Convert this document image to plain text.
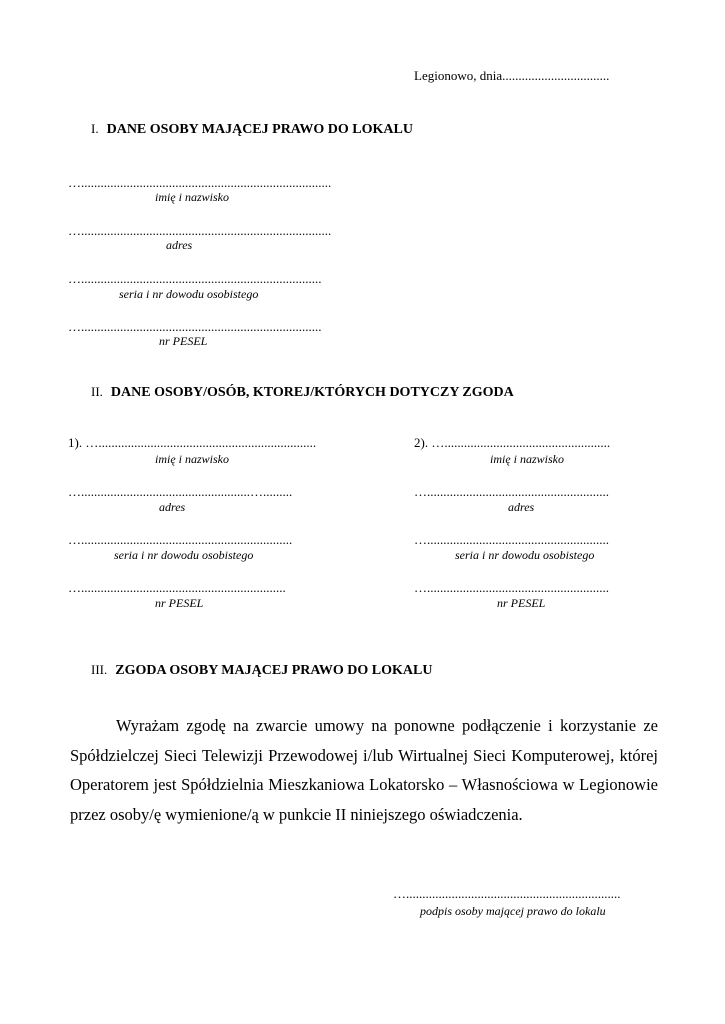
Legionowo, dnia.................................
I. DANE OSOBY MAJĄCEJ PRAWO DO LOKALU
….............................................................................
imię i nazwisko
….............................................................................
adres
…..........................................................................
seria i nr dowodu osobistego
…..........................................................................
nr PESEL
II. DANE OSOBY/OSÓB, KTOREJ/KTÓRYCH DOTYCZY ZGODA
1). …...................................................................
imię i nazwisko
…....................................................….........
adres
….................................................................
seria i nr dowodu osobistego
…...............................................................
nr PESEL
2). …...................................................
imię i nazwisko
…........................................................
adres
…........................................................
seria i nr dowodu osobistego
…........................................................
nr PESEL
III. ZGODA OSOBY MAJĄCEJ PRAWO DO LOKALU
Wyrażam zgodę na zwarcie umowy na ponowne podłączenie i korzystanie ze Spółdzielczej Sieci Telewizji Przewodowej i/lub Wirtualnej Sieci Komputerowej, której Operatorem jest Spółdzielnia Mieszkaniowa Lokatorsko – Własnościowa w Legionowie przez osoby/ę wymienione/ą w punkcie II niniejszego oświadczenia.
…..................................................................
podpis osoby mającej prawo do lokalu
